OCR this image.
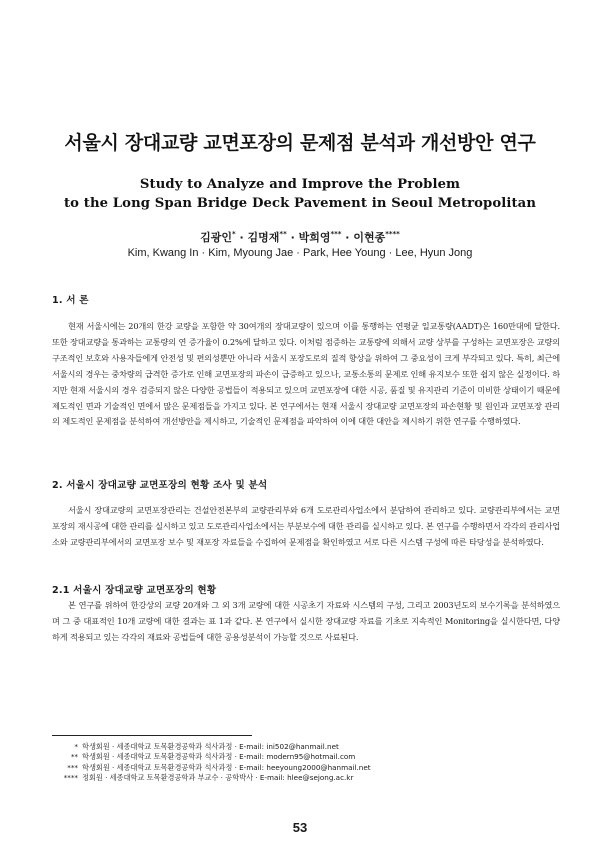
서울시 장대교량 교면포장의 문제점 분석과 개선방안 연구
Study to Analyze and Improve the Problem
to the Long Span Bridge Deck Pavement in Seoul Metropolitan
김광인* · 김명재** · 박희영*** · 이현종****
Kim, Kwang In · Kim, Myoung Jae · Park, Hee Young · Lee, Hyun Jong
1. 서 론
현재 서울시에는 20개의 한강 교량을 포함한 약 30여개의 장대교량이 있으며 이를 통행하는 연평균 일교통량(AADT)은 160만대에 달한다. 또한 장대교량을 통과하는 교통량의 연 증가율이 0.2%에 달하고 있다. 이처럼 점증하는 교통량에 의해서 교량 상부를 구성하는 교면포장은 교량의 구조적인 보호와 사용자들에게 안전성 및 편의성뿐만 아니라 서울시 포장도로의 질적 향상을 위하여 그 중요성이 크게 부각되고 있다. 특히, 최근에 서울시의 경우는 중차량의 급격한 증가로 인해 교면포장의 파손이 급증하고 있으나, 교통소통의 문제로 인해 유지보수 또한 쉽지 않은 실정이다. 하지만 현재 서울시의 경우 검증되지 않은 다양한 공법들이 적용되고 있으며 교면포장에 대한 시공, 품질 및 유지관리 기준이 미비한 상태이기 때문에 제도적인 면과 기술적인 면에서 많은 문제점들을 가지고 있다. 본 연구에서는 현재 서울시 장대교량 교면포장의 파손현황 및 원인과 교면포장 관리의 제도적인 문제점을 분석하여 개선방안을 제시하고, 기술적인 문제점을 파악하여 이에 대한 대안을 제시하기 위한 연구를 수행하였다.
2. 서울시 장대교량 교면포장의 현황 조사 및 분석
서울시 장대교량의 교면포장관리는 건설안전본부의 교량관리부와 6개 도로관리사업소에서 분담하여 관리하고 있다. 교량관리부에서는 교면포장의 재시공에 대한 관리를 실시하고 있고 도로관리사업소에서는 부분보수에 대한 관리를 실시하고 있다. 본 연구를 수행하면서 각각의 관리사업소와 교량관리부에서의 교면포장 보수 및 재포장 자료들을 수집하여 문제점을 확인하였고 서로 다른 시스템 구성에 따른 타당성을 분석하였다.
2.1 서울시 장대교량 교면포장의 현황
본 연구를 위하여 한강상의 교량 20개와 그 외 3개 교량에 대한 시공초기 자료와 시스템의 구성, 그리고 2003년도의 보수기록을 분석하였으며 그 중 대표적인 10개 교량에 대한 결과는 표 1과 같다. 본 연구에서 실시한 장대교량 자료를 기초로 지속적인 Monitoring을 실시한다면, 다양하게 적용되고 있는 각각의 재료와 공법들에 대한 공용성분석이 가능할 것으로 사료된다.
* 학생회원 · 세종대학교 토목환경공학과 석사과정 · E-mail: ini502@hanmail.net
** 학생회원 · 세종대학교 토목환경공학과 석사과정 · E-mail: modern95@hotmail.com
*** 학생회원 · 세종대학교 토목환경공학과 석사과정 · E-mail: heeyoung2000@hanmail.net
**** 정회원 · 세종대학교 토목환경공학과 부교수 · 공학박사 · E-mail: hlee@sejong.ac.kr
53
